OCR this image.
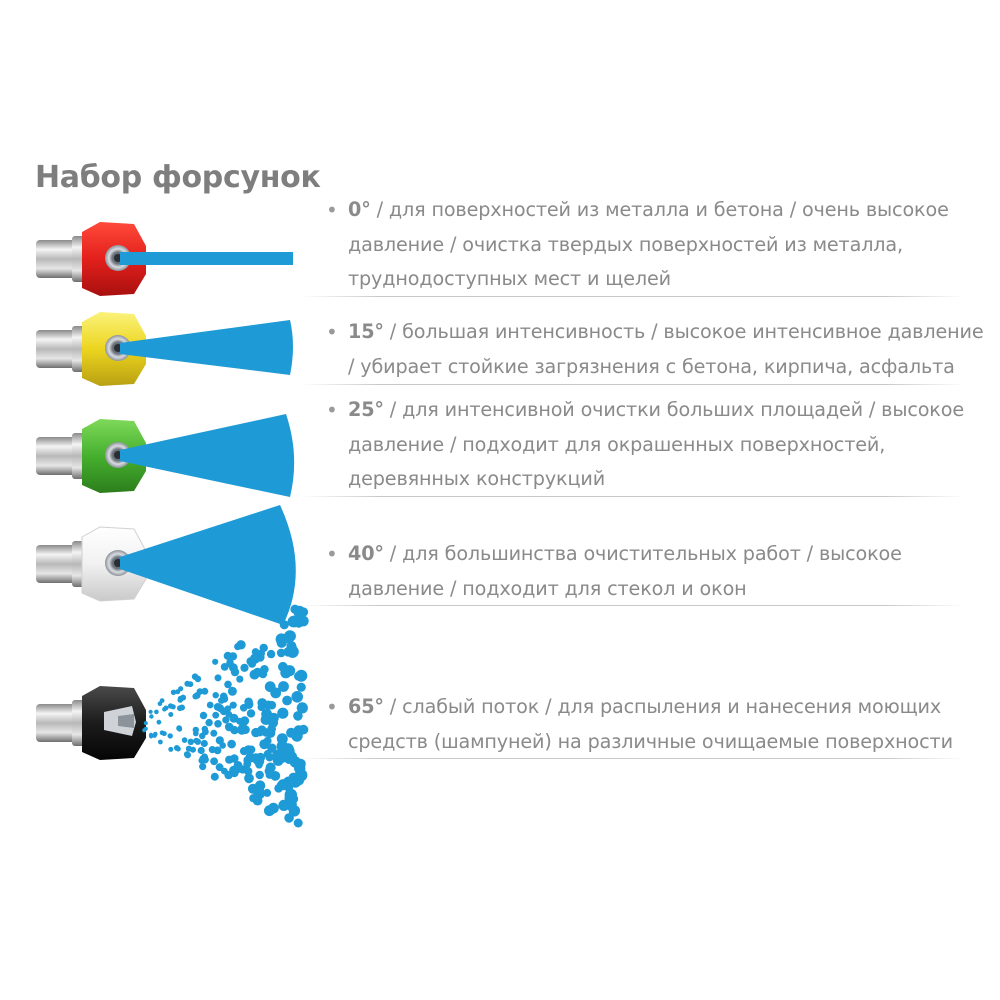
Набор форсунок
• 0° / для поверхностей из металла и бетона / очень высокое давление / очистка твердых поверхностей из металла, труднодоступных мест и щелей
• 15° / большая интенсивность / высокое интенсивное давление / убирает стойкие загрязнения с бетона, кирпича, асфальта
• 25° / для интенсивной очистки больших площадей / высокое давление / подходит для окрашенных поверхностей, деревянных конструкций
• 40° / для большинства очистительных работ / высокое давление / подходит для стекол и окон
• 65° / слабый поток / для распыления и нанесения моющих средств (шампуней) на различные очищаемые поверхности
